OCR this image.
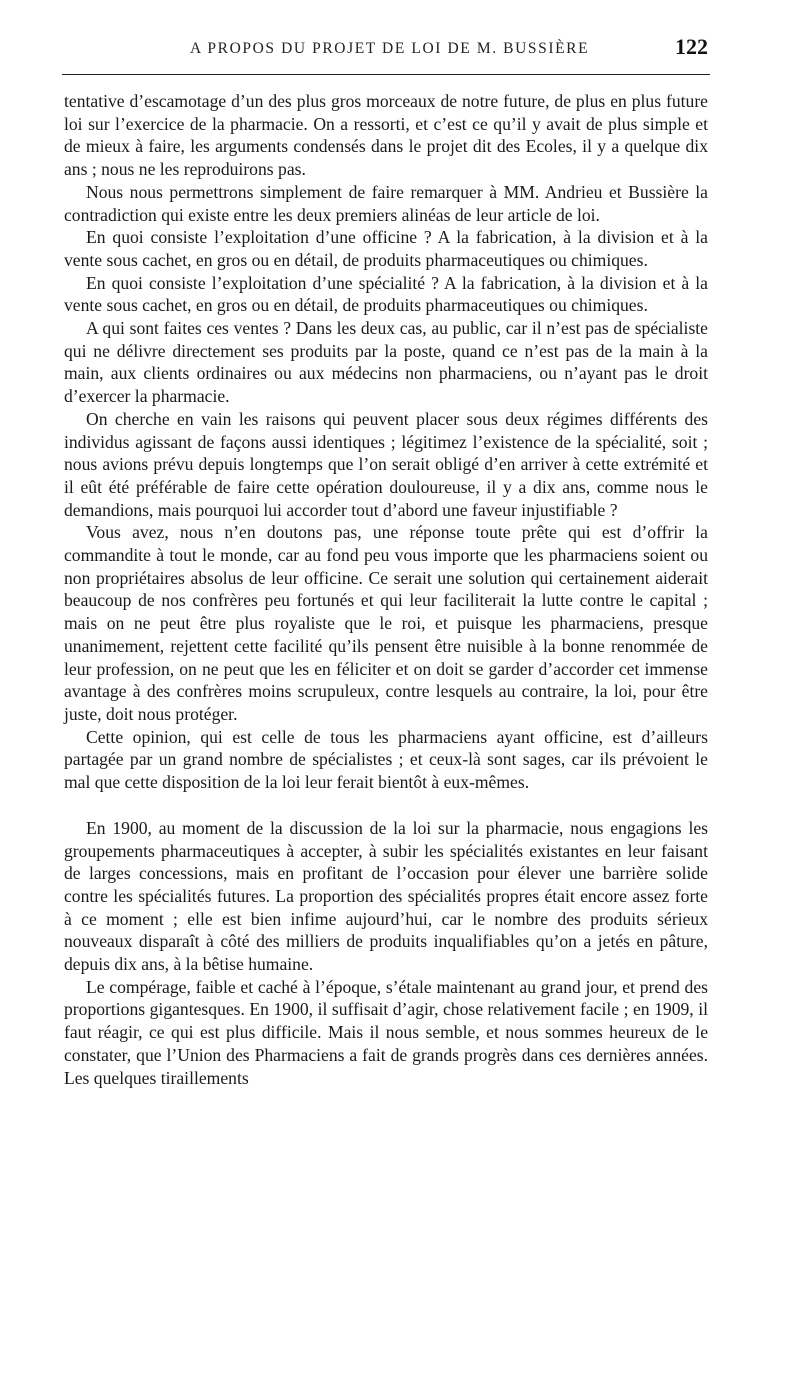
A PROPOS DU PROJET DE LOI DE M. BUSSIÈRE	122

tentative d’escamotage d’un des plus gros morceaux de notre future, de plus en plus future loi sur l’exercice de la pharmacie. On a ressorti, et c’est ce qu’il y avait de plus simple et de mieux à faire, les arguments condensés dans le projet dit des Ecoles, il y a quelque dix ans ; nous ne les reproduirons pas.

Nous nous permettrons simplement de faire remarquer à MM. Andrieu et Bussière la contradiction qui existe entre les deux premiers alinéas de leur article de loi.

En quoi consiste l’exploitation d’une officine ? A la fabrication, à la division et à la vente sous cachet, en gros ou en détail, de produits pharmaceutiques ou chimiques.

En quoi consiste l’exploitation d’une spécialité ? A la fabrication, à la division et à la vente sous cachet, en gros ou en détail, de produits pharmaceutiques ou chimiques.

A qui sont faites ces ventes ? Dans les deux cas, au public, car il n’est pas de spécialiste qui ne délivre directement ses produits par la poste, quand ce n’est pas de la main à la main, aux clients ordinaires ou aux médecins non pharmaciens, ou n’ayant pas le droit d’exercer la pharmacie.

On cherche en vain les raisons qui peuvent placer sous deux régimes différents des individus agissant de façons aussi identiques ; légitimez l’existence de la spécialité, soit ; nous avions prévu depuis longtemps que l’on serait obligé d’en arriver à cette extrémité et il eût été préférable de faire cette opération douloureuse, il y a dix ans, comme nous le demandions, mais pourquoi lui accorder tout d’abord une faveur injustifiable ?

Vous avez, nous n’en doutons pas, une réponse toute prête qui est d’offrir la commandite à tout le monde, car au fond peu vous importe que les pharmaciens soient ou non propriétaires absolus de leur officine. Ce serait une solution qui certainement aiderait beaucoup de nos confrères peu fortunés et qui leur faciliterait la lutte contre le capital ; mais on ne peut être plus royaliste que le roi, et puisque les pharmaciens, presque unanimement, rejettent cette facilité qu’ils pensent être nuisible à la bonne renommée de leur profession, on ne peut que les en féliciter et on doit se garder d’accorder cet immense avantage à des confrères moins scrupuleux, contre lesquels au contraire, la loi, pour être juste, doit nous protéger.

Cette opinion, qui est celle de tous les pharmaciens ayant officine, est d’ailleurs partagée par un grand nombre de spécialistes ; et ceux-là sont sages, car ils prévoient le mal que cette disposition de la loi leur ferait bientôt à eux-mêmes.

En 1900, au moment de la discussion de la loi sur la pharmacie, nous engagions les groupements pharmaceutiques à accepter, à subir les spécialités existantes en leur faisant de larges concessions, mais en profitant de l’occasion pour élever une barrière solide contre les spécialités futures. La proportion des spécialités propres était encore assez forte à ce moment ; elle est bien infime aujourd’hui, car le nombre des produits sérieux nouveaux disparaît à côté des milliers de produits inqualifiables qu’on a jetés en pâture, depuis dix ans, à la bêtise humaine.

Le compérage, faible et caché à l’époque, s’étale maintenant au grand jour, et prend des proportions gigantesques. En 1900, il suffisait d’agir, chose relativement facile ; en 1909, il faut réagir, ce qui est plus difficile. Mais il nous semble, et nous sommes heureux de le constater, que l’Union des Pharmaciens a fait de grands progrès dans ces dernières années. Les quelques tiraillements
